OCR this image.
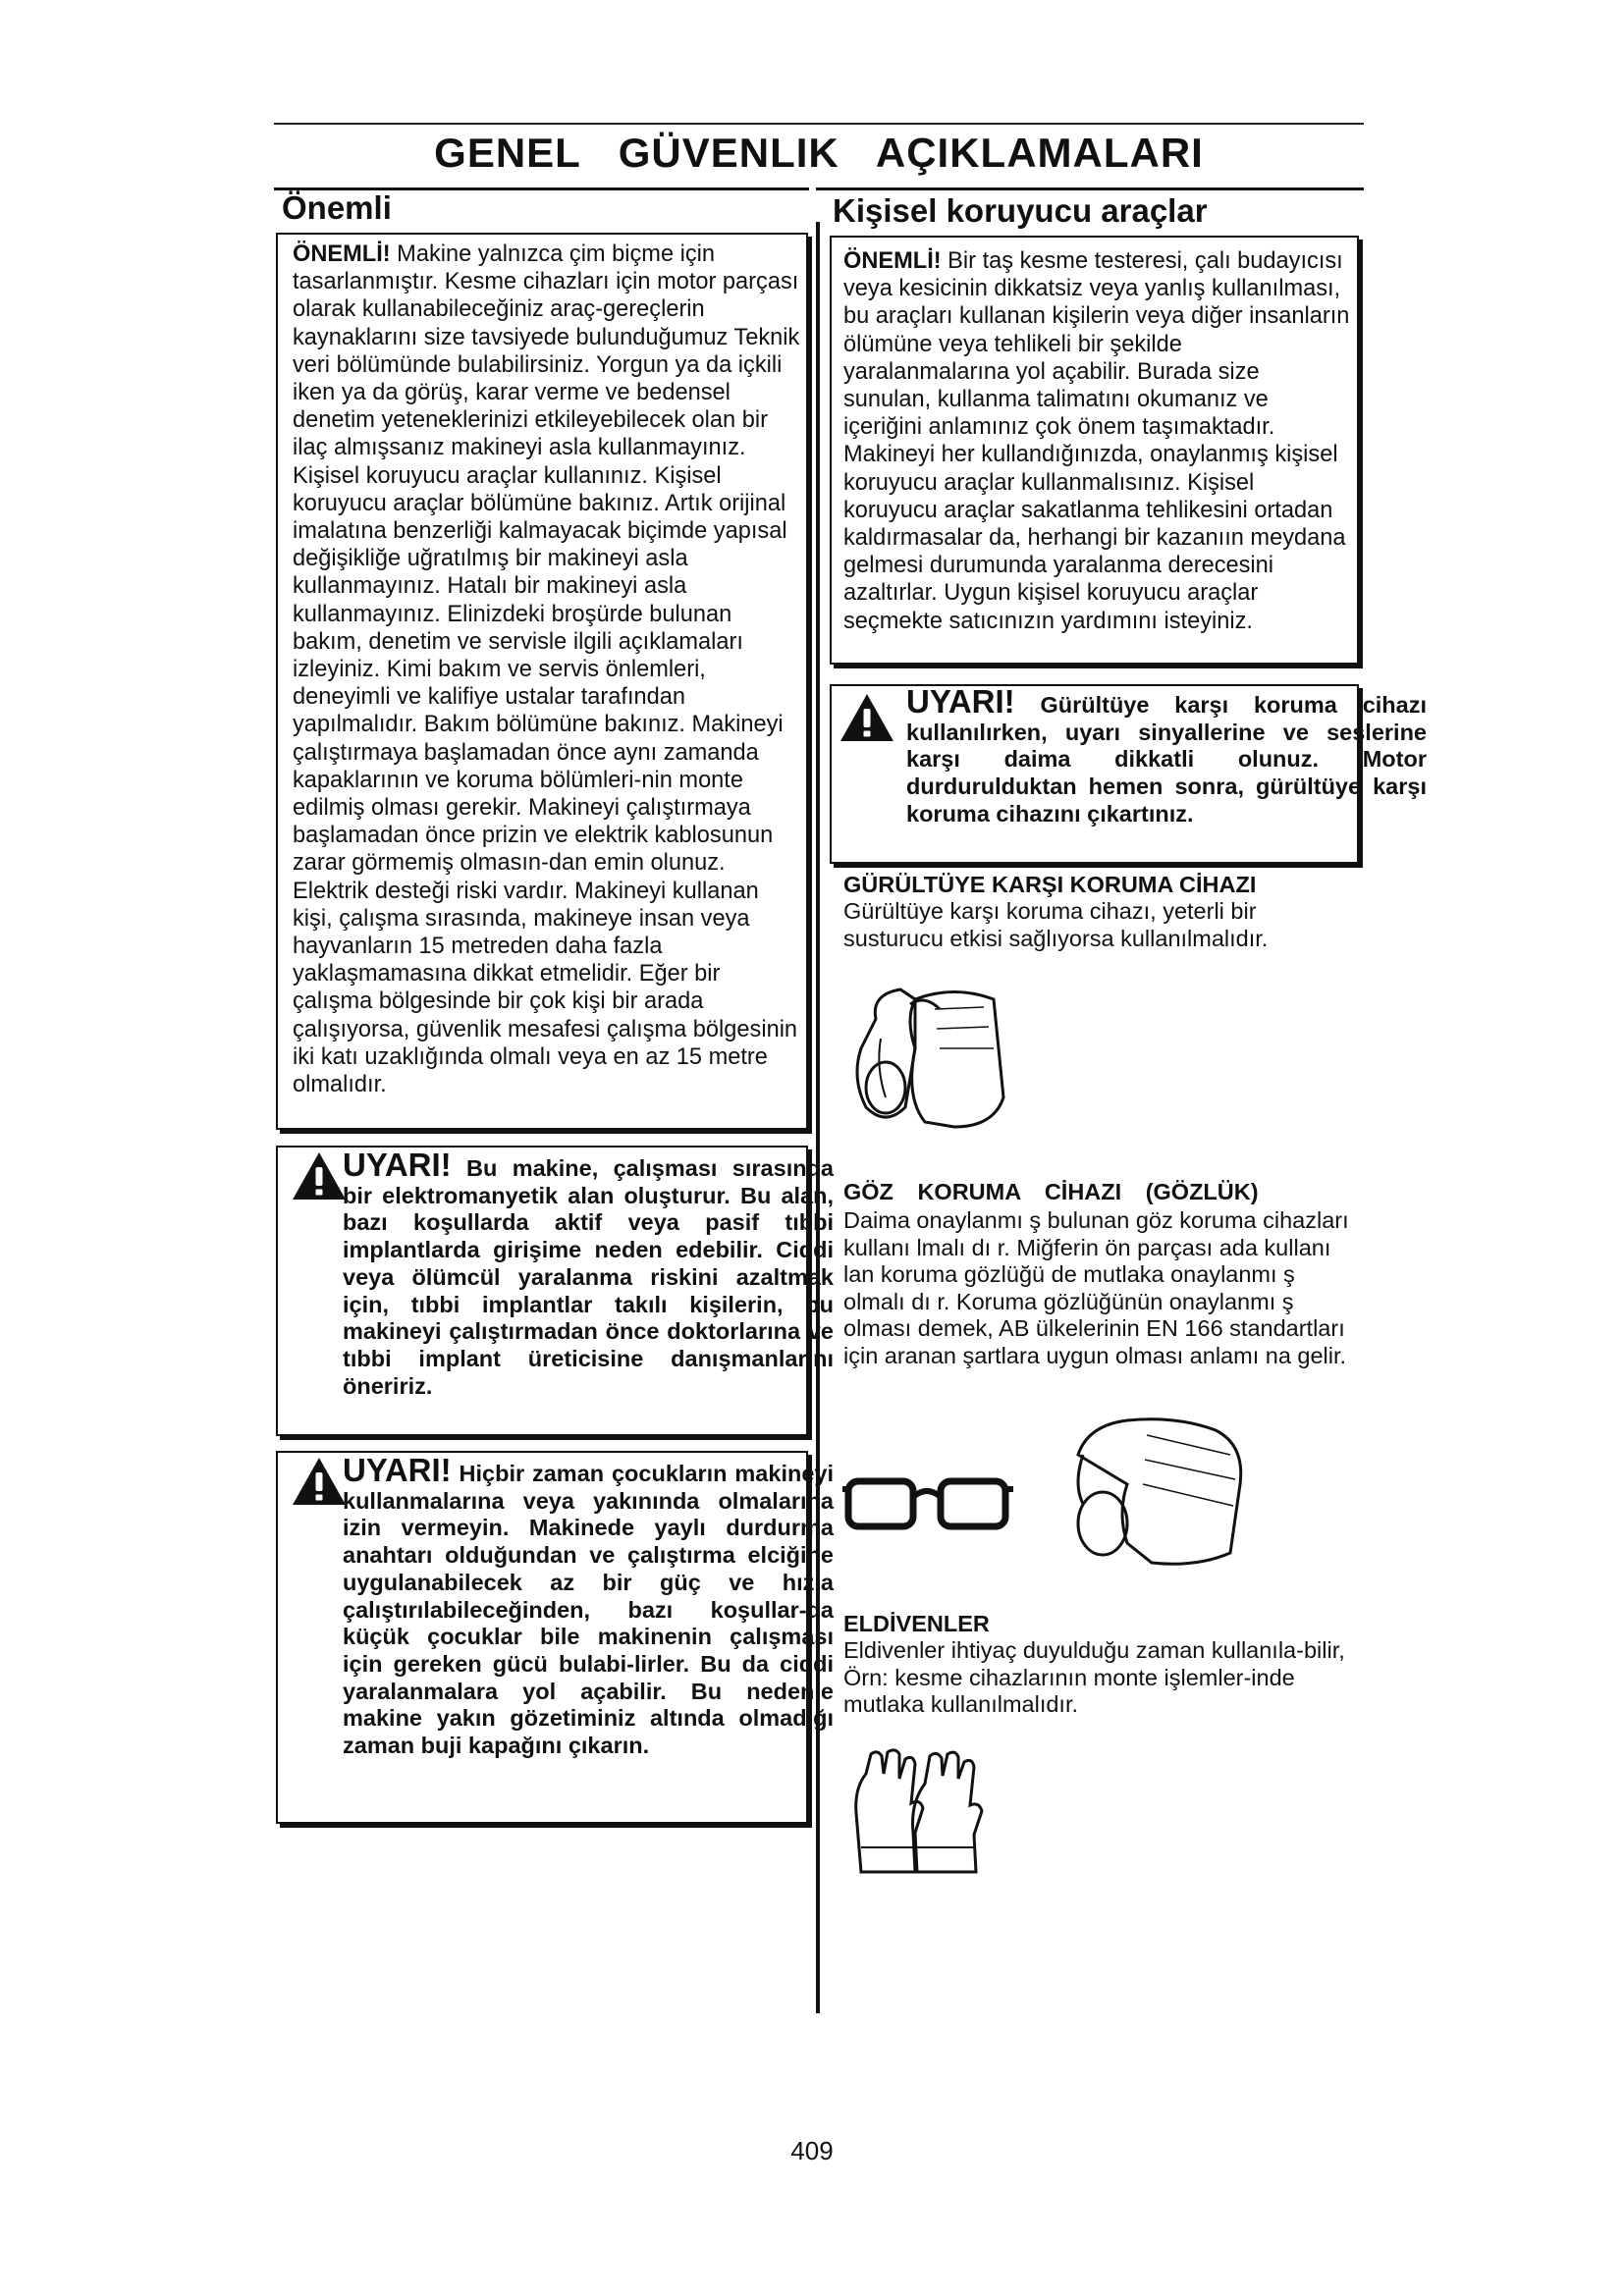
GENEL GÜVENLIK AÇIKLAMALARI
Önemli	Kişisel koruyucu araçlar
ÖNEMLİ! Makine yalnızca çim biçme için tasarlanmıştır. Kesme cihazları için motor parçası olarak kullanabileceğiniz araç-gereçlerin kaynaklarını size tavsiyede bulunduğumuz Teknik veri bölümünde bulabilirsiniz. Yorgun ya da içkili iken ya da görüş, karar verme ve bedensel denetim yeteneklerinizi etkileyebilecek olan bir ilaç almışsanız makineyi asla kullanmayınız. Kişisel koruyucu araçlar kullanınız. Kişisel koruyucu araçlar bölümüne bakınız. Artık orijinal imalatına benzerliği kalmayacak biçimde yapısal değişikliğe uğratılmış bir makineyi asla kullanmayınız. Hatalı bir makineyi asla kullanmayınız. Elinizdeki broşürde bulunan bakım, denetim ve servisle ilgili açıklamaları izleyiniz. Kimi bakım ve servis önlemleri, deneyimli ve kalifiye ustalar tarafından yapılmalıdır. Bakım bölümüne bakınız. Makineyi çalıştırmaya başlamadan önce aynı zamanda kapaklarının ve koruma bölümleri-nin monte edilmiş olması gerekir. Makineyi çalıştırmaya başlamadan önce prizin ve elektrik kablosunun zarar görmemiş olmasın-dan emin olunuz. Elektrik desteği riski vardır. Makineyi kullanan kişi, çalışma sırasında, makineye insan veya hayvanların 15 metreden daha fazla yaklaşmamasına dikkat etmelidir. Eğer bir çalışma bölgesinde bir çok kişi bir arada çalışıyorsa, güvenlik mesafesi çalışma bölgesinin iki katı uzaklığında olmalı veya en az 15 metre olmalıdır.
UYARI! Bu makine, çalışması sırasında bir elektromanyetik alan oluşturur. Bu alan, bazı koşullarda aktif veya pasif tıbbi implantlarda girişime neden edebilir. Ciddi veya ölümcül yaralanma riskini azaltmak için, tıbbi implantlar takılı kişilerin, bu makineyi çalıştırmadan önce doktorlarına ve tıbbi implant üreticisine danışmanlarını öneririz.
UYARI! Hiçbir zaman çocukların makineyi kullanmalarına veya yakınında olmalarına izin vermeyin. Makinede yaylı durdurma anahtarı olduğundan ve çalıştırma elciğine uygulanabilecek az bir güç ve hızla çalıştırılabileceğinden, bazı koşullar-da küçük çocuklar bile makinenin çalışması için gereken gücü bulabi-lirler. Bu da ciddi yaralanmalara yol açabilir. Bu nedenle makine yakın gözetiminiz altında olmadığı zaman buji kapağını çıkarın.
ÖNEMLİ! Bir taş kesme testeresi, çalı budayıcısı veya kesicinin dikkatsiz veya yanlış kullanılması, bu araçları kullanan kişilerin veya diğer insanların ölümüne veya tehlikeli bir şekilde yaralanmalarına yol açabilir. Burada size sunulan, kullanma talimatını okumanız ve içeriğini anlamınız çok önem taşımaktadır. Makineyi her kullandığınızda, onaylanmış kişisel koruyucu araçlar kullanmalısınız. Kişisel koruyucu araçlar sakatlanma tehlikesini ortadan kaldırmasalar da, herhangi bir kazanıın meydana gelmesi durumunda yaralanma derecesini azaltırlar. Uygun kişisel koruyucu araçlar seçmekte satıcınızın yardımını isteyiniz.
UYARI! Gürültüye karşı koruma cihazı kullanılırken, uyarı sinyallerine ve seslerine karşı daima dikkatli olunuz. Motor durdurulduktan hemen sonra, gürültüye karşı koruma cihazını çıkartınız.
GÜRÜLTÜYE KARŞI KORUMA CİHAZI
Gürültüye karşı koruma cihazı, yeterli bir susturucu etkisi sağlıyorsa kullanılmalıdır.
GÖZ KORUMA CİHAZI (GÖZLÜK)
Daima onaylanmı ş bulunan göz koruma cihazları kullanı lmalı dı r. Miğferin ön parçası ada kullanı lan koruma gözlüğü de mutlaka onaylanmı ş olmalı dı r. Koruma gözlüğünün onaylanmı ş olması demek, AB ülkelerinin EN 166 standartları için aranan şartlara uygun olması anlamı na gelir.
ELDİVENLER
Eldivenler ihtiyaç duyulduğu zaman kullanıla-bilir, Örn: kesme cihazlarının monte işlemler-inde mutlaka kullanılmalıdır.
409
